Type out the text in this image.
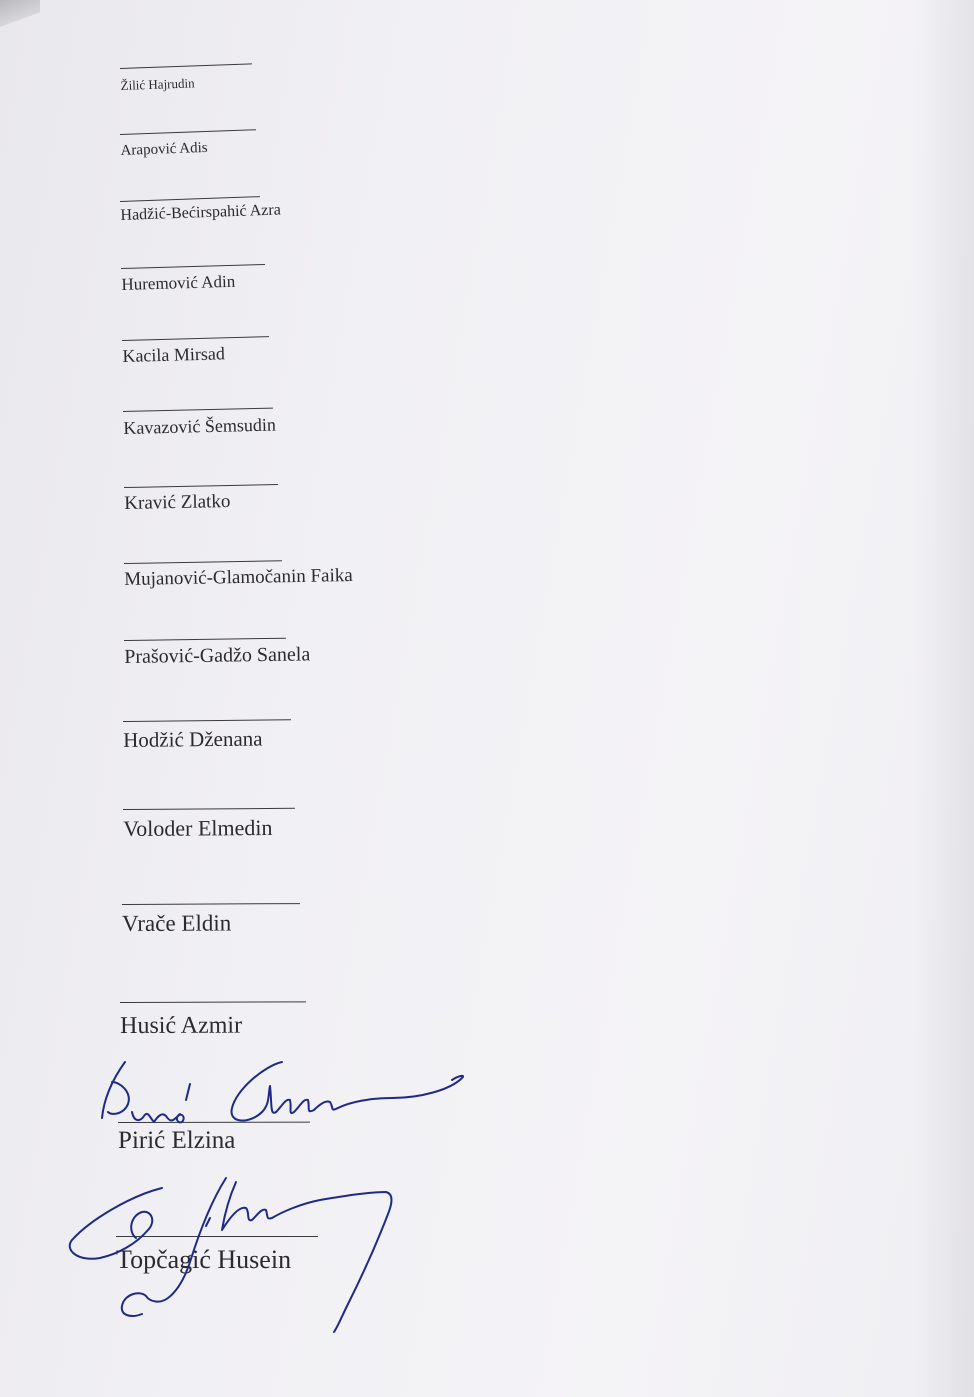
Žilić Hajrudin
Arapović Adis
Hadžić-Bećirspahić Azra
Huremović Adin
Kacila Mirsad
Kavazović Šemsudin
Kravić Zlatko
Mujanović-Glamočanin Faika
Prašović-Gadžo Sanela
Hodžić Dženana
Voloder Elmedin
Vrače Eldin
Husić Azmir
Pirić Elzina
Topčagić Husein
